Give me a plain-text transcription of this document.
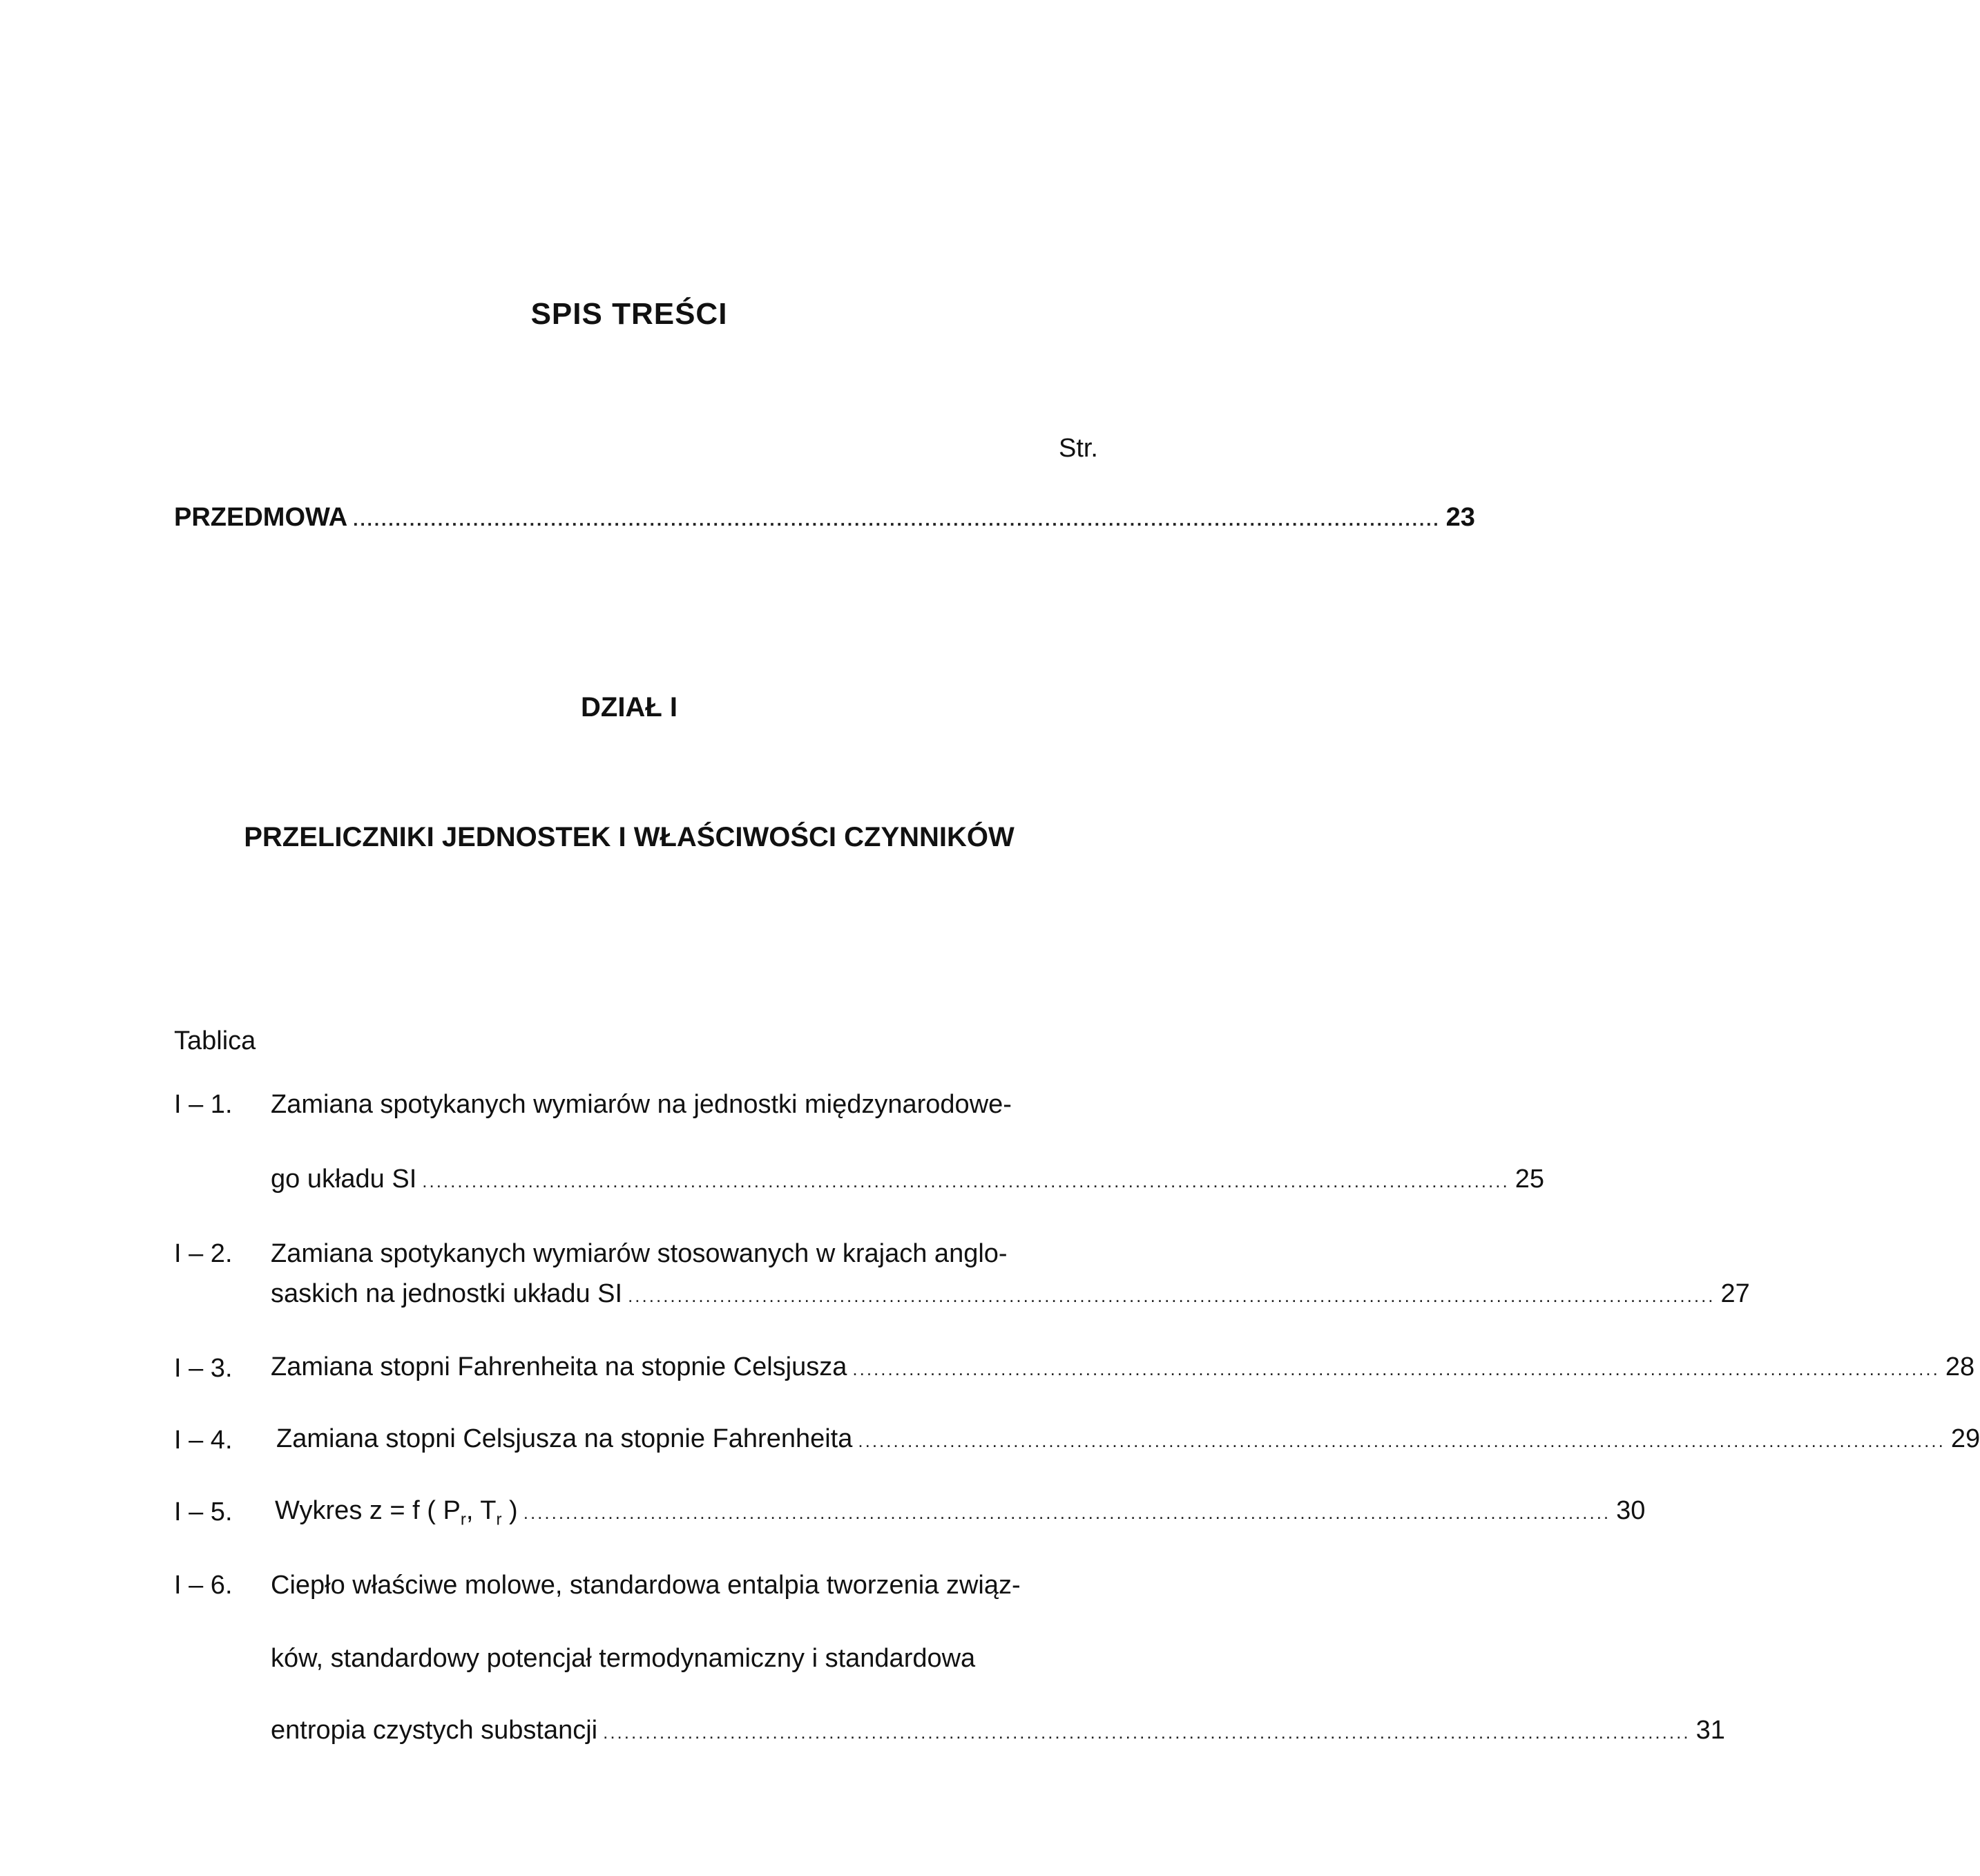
SPIS TREŚCI
Str.
PRZEDMOWA .......................................................................................................................................................... 23
DZIAŁ I
PRZELICZNIKI JEDNOSTEK I WŁAŚCIWOŚCI CZYNNIKÓW
Tablica
I – 1. Zamiana spotykanych wymiarów na jednostki międzynarodowe-
go układu SI .......................................................................................................................................................... 25
I – 2. Zamiana spotykanych wymiarów stosowanych w krajach anglo-
saskich na jednostki układu SI .......................................................................................................................................................... 27
I – 3. Zamiana stopni Fahrenheita na stopnie Celsjusza .......................................................................................................................................................... 28
I – 4. Zamiana stopni Celsjusza na stopnie Fahrenheita .......................................................................................................................................................... 29
I – 5. Wykres z = f ( $P_r$, $T_r$ ) .......................................................................................................................................................... 30
I – 6. Ciepło właściwe molowe, standardowa entalpia tworzenia związ-
ków, standardowy potencjał termodynamiczny i standardowa
entropia czystych substancji .......................................................................................................................................................... 31
